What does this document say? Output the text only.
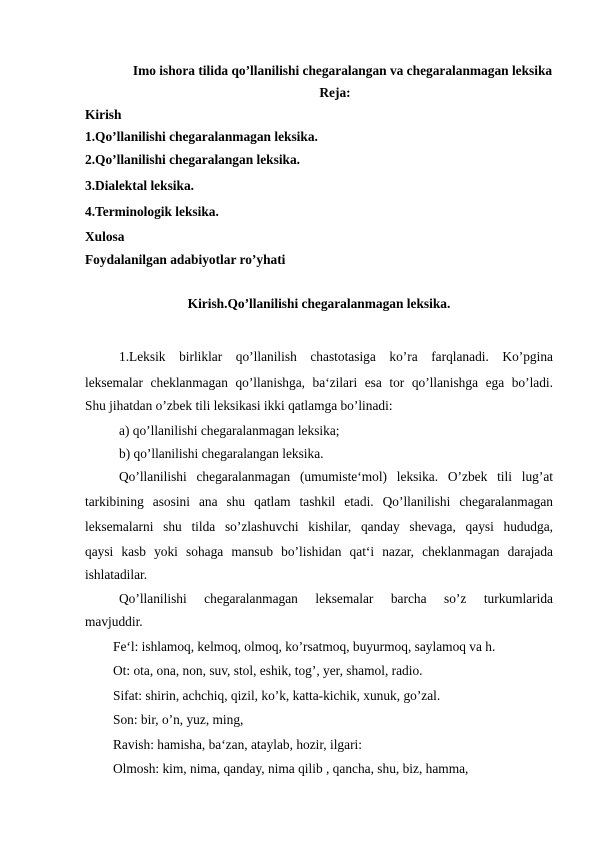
Imo ishora tilida qo’llanilishi chegaralangan va chegaralanmagan leksika
Reja:
Kirish
1.Qo’llanilishi chegaralanmagan leksika.
2.Qo’llanilishi chegaralangan leksika.
3.Dialektal leksika.
4.Terminologik leksika.
Xulosa
Foydalanilgan adabiyotlar ro’yhati
Kirish.Qo’llanilishi chegaralanmagan leksika.
1.Leksik birliklar qo’llanilish chastotasiga ko’ra farqlanadi. Ko’pgina
leksemalar cheklanmagan qo’llanishga, ba‘zilari esa tor qo’llanishga ega bo’ladi.
Shu jihatdan o’zbek tili leksikasi ikki qatlamga bo’linadi:
a) qo’llanilishi chegaralanmagan leksika;
b) qo’llanilishi chegaralangan leksika.
Qo’llanilishi chegaralanmagan (umumiste‘mol) leksika. O’zbek tili lug’at
tarkibining asosini ana shu qatlam tashkil etadi. Qo’llanilishi chegaralanmagan
leksemalarni shu tilda so’zlashuvchi kishilar, qanday shevaga, qaysi hududga,
qaysi kasb yoki sohaga mansub bo’lishidan qat‘i nazar, cheklanmagan darajada
ishlatadilar.
Qo’llanilishi chegaralanmagan leksemalar barcha so’z turkumlarida
mavjuddir.
Fe‘l: ishlamoq, kelmoq, olmoq, ko’rsatmoq, buyurmoq, saylamoq va h.
Ot: ota, ona, non, suv, stol, eshik, tog’, yer, shamol, radio.
Sifat: shirin, achchiq, qizil, ko’k, katta-kichik, xunuk, go’zal.
Son: bir, o’n, yuz, ming,
Ravish: hamisha, ba‘zan, ataylab, hozir, ilgari:
Olmosh: kim, nima, qanday, nima qilib , qancha, shu, biz, hamma,
